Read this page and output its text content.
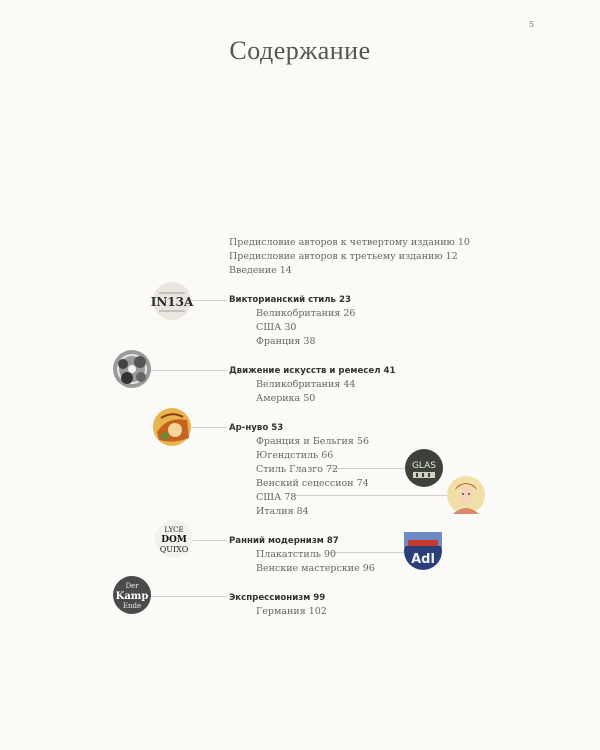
5
Содержание
IN13A
GLAS
LYCE
DOM
QUIXO
Adl
Der
Kamp
Ende
Предисловие авторов к четвертому изданию 10
Предисловие авторов к третьему изданию 12
Введение 14
Викторианский стиль 23
Великобритания 26
США 30
Франция 38
Движение искусств и ремесел 41
Великобритания 44
Америка 50
Ар-нуво 53
Франция и Бельгия 56
Югендстиль 66
Стиль Глазго 72
Венский сецессион 74
США 78
Италия 84
Ранний модернизм 87
Плакатстиль 90
Венские мастерские 96
Экспрессионизм 99
Германия 102
